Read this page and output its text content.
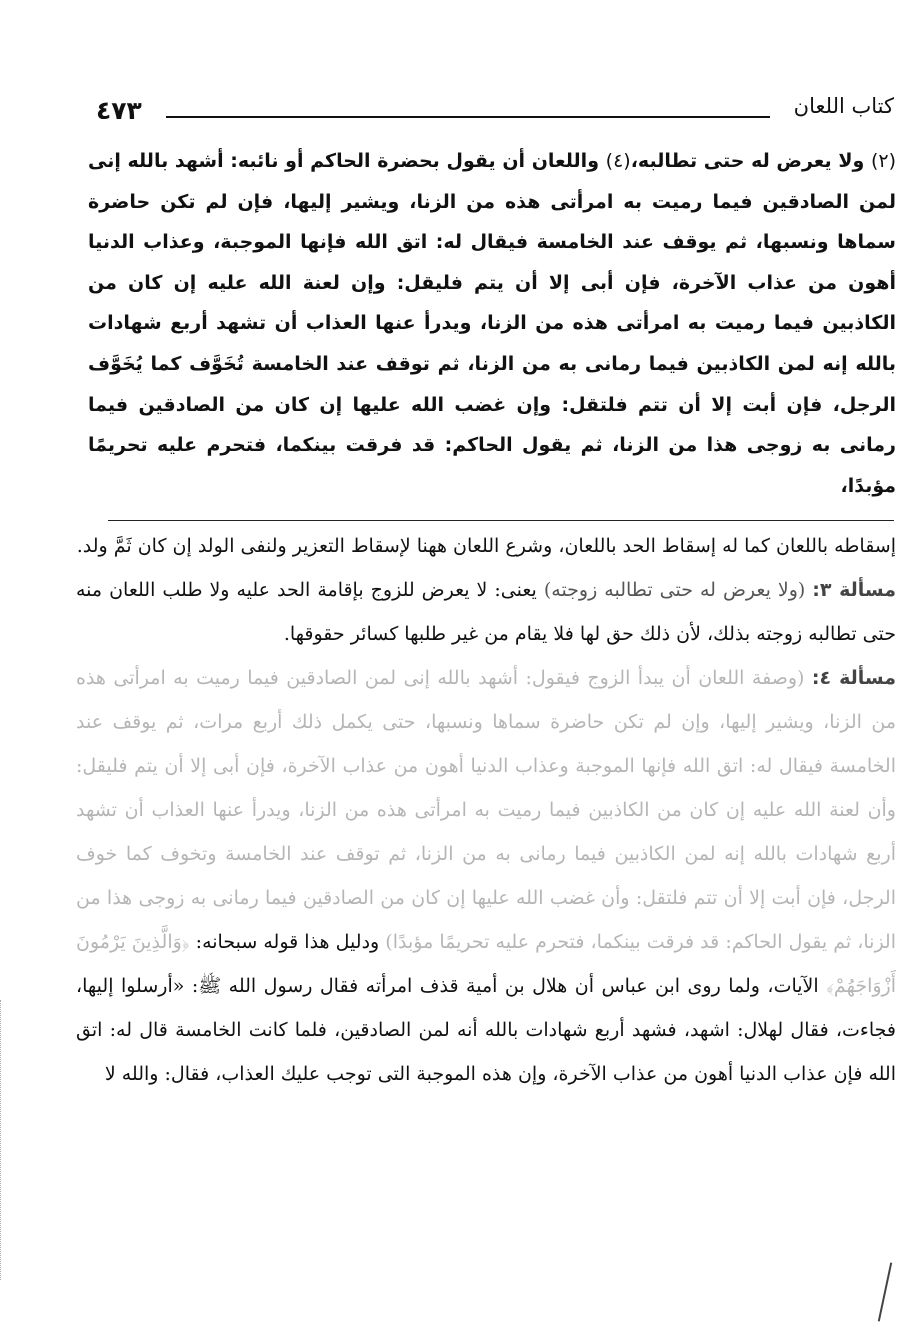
٤٧٣	كتاب اللعان
(٢) ولا يعرض له حتى تطالبه،(٤) واللعان أن يقول بحضرة الحاكم أو نائبه: أشهد بالله إنى لمن الصادقين فيما رميت به امرأتى هذه من الزنا، ويشير إليها، فإن لم تكن حاضرة سماها ونسبها، ثم يوقف عند الخامسة فيقال له: اتق الله فإنها الموجبة، وعذاب الدنيا أهون من عذاب الآخرة، فإن أبى إلا أن يتم فليقل: وإن لعنة الله عليه إن كان من الكاذبين فيما رميت به امرأتى هذه من الزنا، ويدرأ عنها العذاب أن تشهد أربع شهادات بالله إنه لمن الكاذبين فيما رمانى به من الزنا، ثم توقف عند الخامسة تُخَوَّف كما يُخَوَّف الرجل، فإن أبت إلا أن تتم فلتقل: وإن غضب الله عليها إن كان من الصادقين فيما رمانى به زوجى هذا من الزنا، ثم يقول الحاكم: قد فرقت بينكما، فتحرم عليه تحريمًا مؤبدًا،

إسقاطه باللعان كما له إسقاط الحد باللعان، وشرع اللعان ههنا لإسقاط التعزير ولنفى الولد إن كان ثَمَّ ولد.

مسألة ٣: (ولا يعرض له حتى تطالبه زوجته) يعنى: لا يعرض للزوج بإقامة الحد عليه ولا طلب اللعان منه حتى تطالبه زوجته بذلك، لأن ذلك حق لها فلا يقام من غير طلبها كسائر حقوقها.

مسألة ٤: (وصفة اللعان أن يبدأ الزوج فيقول: أشهد بالله إنى لمن الصادقين فيما رميت به امرأتى هذه من الزنا، ويشير إليها، وإن لم تكن حاضرة سماها ونسبها، حتى يكمل ذلك أربع مرات، ثم يوقف عند الخامسة فيقال له: اتق الله فإنها الموجبة وعذاب الدنيا أهون من عذاب الآخرة، فإن أبى إلا أن يتم فليقل: وأن لعنة الله عليه إن كان من الكاذبين فيما رميت به امرأتى هذه من الزنا، ويدرأ عنها العذاب أن تشهد أربع شهادات بالله إنه لمن الكاذبين فيما رمانى به من الزنا، ثم توقف عند الخامسة وتخوف كما خوف الرجل، فإن أبت إلا أن تتم فلتقل: وأن غضب الله عليها إن كان من الصادقين فيما رمانى به زوجى هذا من الزنا، ثم يقول الحاكم: قد فرقت بينكما، فتحرم عليه تحريمًا مؤبدًا) ودليل هذا قوله سبحانه: ﴿وَالَّذِينَ يَرْمُونَ أَزْوَاجَهُمْ﴾ الآيات، ولما روى ابن عباس أن هلال بن أمية قذف امرأته فقال رسول الله ﷺ: «أرسلوا إليها، فجاءت، فقال لهلال: اشهد، فشهد أربع شهادات بالله أنه لمن الصادقين، فلما كانت الخامسة قال له: اتق الله فإن عذاب الدنيا أهون من عذاب الآخرة، وإن هذه الموجبة التى توجب عليك العذاب، فقال: والله لا
